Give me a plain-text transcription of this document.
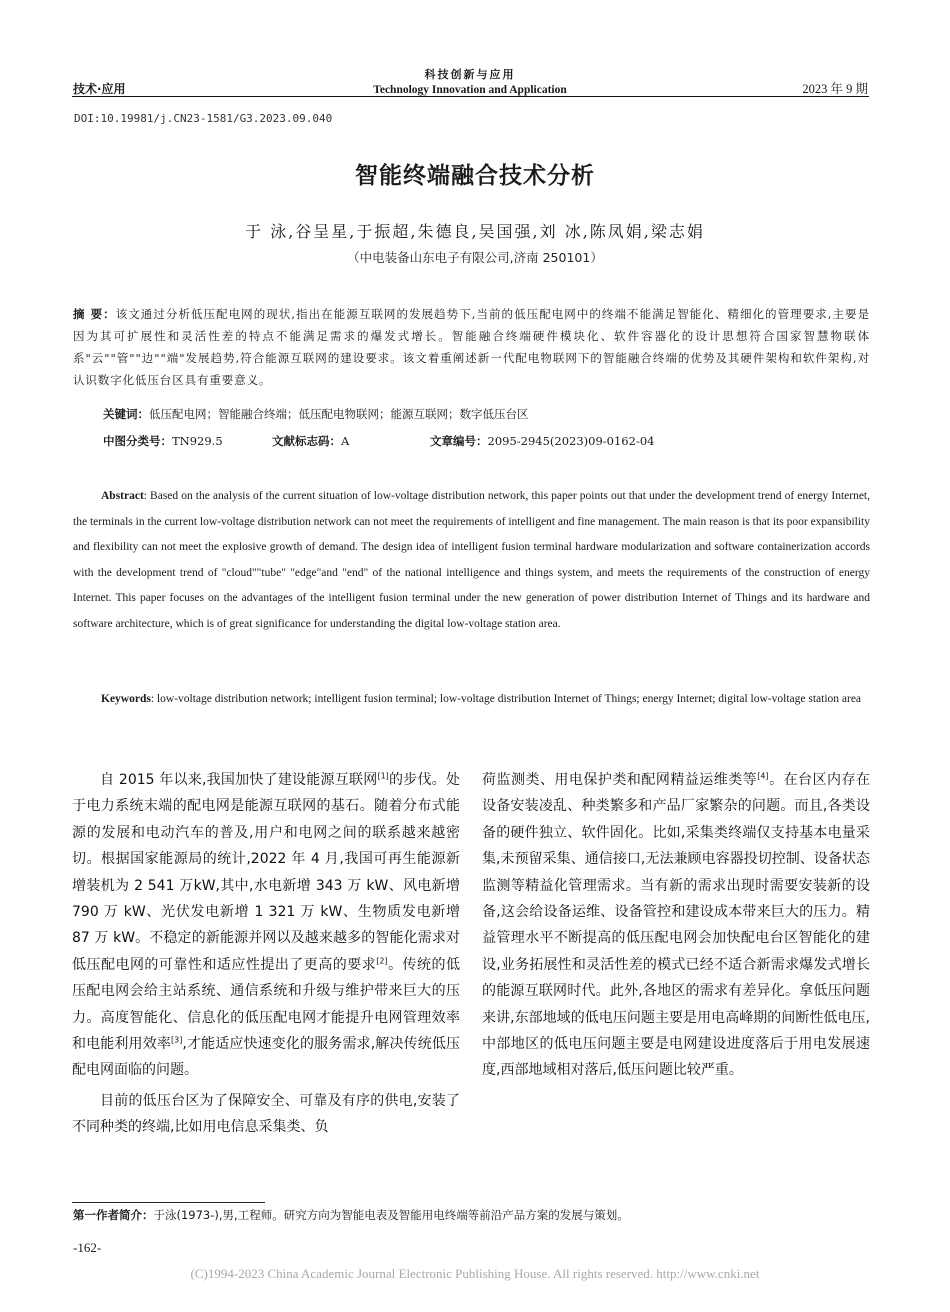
技术·应用
科技创新与应用
Technology Innovation and Application	2023 年 9 期
DOI:10.19981/j.CN23-1581/G3.2023.09.040
智能终端融合技术分析
于 泳,谷呈星,于振超,朱德良,吴国强,刘 冰,陈凤娟,梁志娟
（中电装备山东电子有限公司,济南 250101）
摘 要：该文通过分析低压配电网的现状,指出在能源互联网的发展趋势下,当前的低压配电网中的终端不能满足智能化、精细化的管理要求,主要是因为其可扩展性和灵活性差的特点不能满足需求的爆发式增长。智能融合终端硬件模块化、软件容器化的设计思想符合国家智慧物联体系"云""管""边""端"发展趋势,符合能源互联网的建设要求。该文着重阐述新一代配电物联网下的智能融合终端的优势及其硬件架构和软件架构,对认识数字化低压台区具有重要意义。
关键词：低压配电网；智能融合终端；低压配电物联网；能源互联网；数字低压台区
中图分类号：TN929.5	文献标志码：A	文章编号：2095-2945(2023)09-0162-04
Abstract: Based on the analysis of the current situation of low-voltage distribution network, this paper points out that under the development trend of energy Internet, the terminals in the current low-voltage distribution network can not meet the requirements of intelligent and fine management. The main reason is that its poor expansibility and flexibility can not meet the explosive growth of demand. The design idea of intelligent fusion terminal hardware modularization and software containerization accords with the development trend of "cloud""tube" "edge"and "end" of the national intelligence and things system, and meets the requirements of the construction of energy Internet. This paper focuses on the advantages of the intelligent fusion terminal under the new generation of power distribution Internet of Things and its hardware and software architecture, which is of great significance for understanding the digital low-voltage station area.
Keywords: low-voltage distribution network; intelligent fusion terminal; low-voltage distribution Internet of Things; energy Internet; digital low-voltage station area

自 2015 年以来,我国加快了建设能源互联网[1]的步伐。处于电力系统末端的配电网是能源互联网的基石。随着分布式能源的发展和电动汽车的普及,用户和电网之间的联系越来越密切。根据国家能源局的统计,2022 年 4 月,我国可再生能源新增装机为 2 541 万kW,其中,水电新增 343 万 kW、风电新增 790 万 kW、光伏发电新增 1 321 万 kW、生物质发电新增 87 万 kW。不稳定的新能源并网以及越来越多的智能化需求对低压配电网的可靠性和适应性提出了更高的要求[2]。传统的低压配电网会给主站系统、通信系统和升级与维护带来巨大的压力。高度智能化、信息化的低压配电网才能提升电网管理效率和电能利用效率[3],才能适应快速变化的服务需求,解决传统低压配电网面临的问题。

目前的低压台区为了保障安全、可靠及有序的供电,安装了不同种类的终端,比如用电信息采集类、负

荷监测类、用电保护类和配网精益运维类等[4]。在台区内存在设备安装凌乱、种类繁多和产品厂家繁杂的问题。而且,各类设备的硬件独立、软件固化。比如,采集类终端仅支持基本电量采集,未预留采集、通信接口,无法兼顾电容器投切控制、设备状态监测等精益化管理需求。当有新的需求出现时需要安装新的设备,这会给设备运维、设备管控和建设成本带来巨大的压力。精益管理水平不断提高的低压配电网会加快配电台区智能化的建设,业务拓展性和灵活性差的模式已经不适合新需求爆发式增长的能源互联网时代。此外,各地区的需求有差异化。拿低压问题来讲,东部地域的低电压问题主要是用电高峰期的间断性低电压, 中部地区的低电压问题主要是电网建设进度落后于用电发展速度,西部地域相对落后,低压问题比较严重。

第一作者简介：于泳(1973-),男,工程师。研究方向为智能电表及智能用电终端等前沿产品方案的发展与策划。
-162-
(C)1994-2023 China Academic Journal Electronic Publishing House. All rights reserved. http://www.cnki.net
